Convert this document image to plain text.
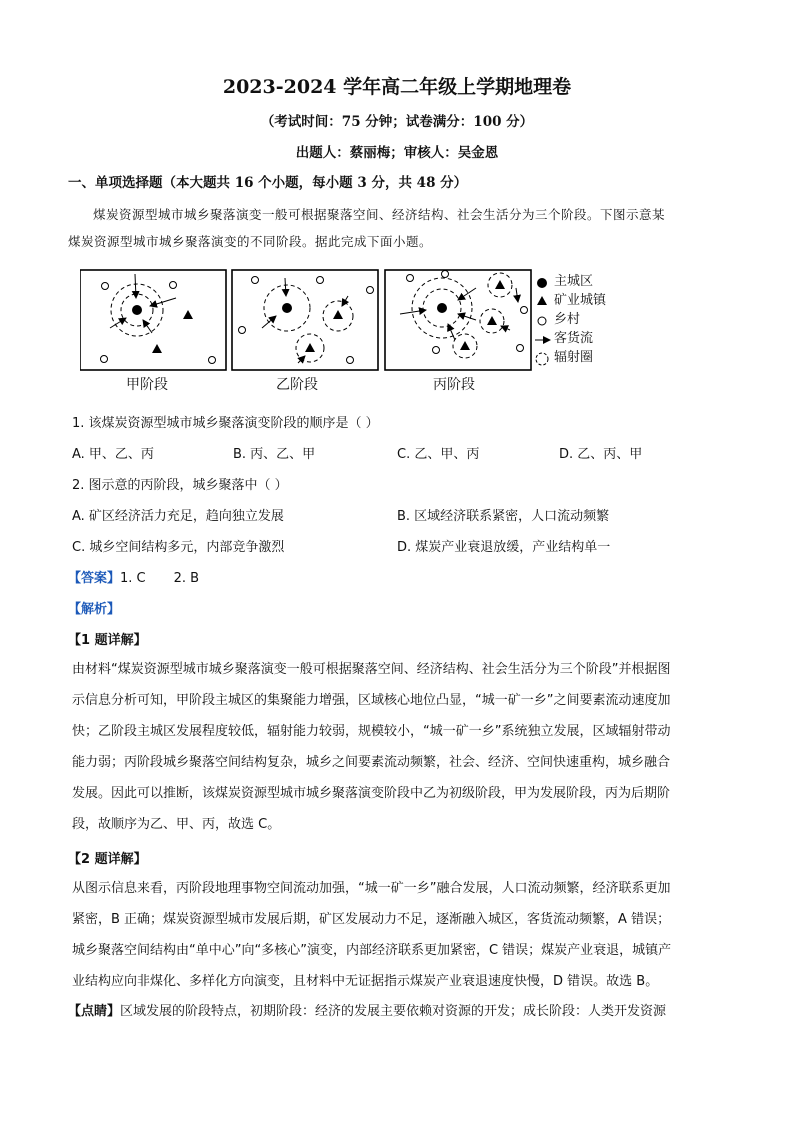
2023-2024 学年高二年级上学期地理卷
（考试时间：75 分钟；试卷满分：100 分）
出题人：蔡丽梅；审核人：吴金恩
一、单项选择题（本大题共 16 个小题，每小题 3 分，共 48 分）
煤炭资源型城市城乡聚落演变一般可根据聚落空间、经济结构、社会生活分为三个阶段。下图示意某
煤炭资源型城市城乡聚落演变的不同阶段。据此完成下面小题。
主城区
矿业城镇
乡村
客货流
辐射圈
甲阶段	乙阶段	丙阶段
1. 该煤炭资源型城市城乡聚落演变阶段的顺序是（ ）
A. 甲、乙、丙	B. 丙、乙、甲	C. 乙、甲、丙	D. 乙、丙、甲
2. 图示意的丙阶段，城乡聚落中（ ）
A. 矿区经济活力充足，趋向独立发展	B. 区域经济联系紧密，人口流动频繁
C. 城乡空间结构多元，内部竞争激烈	D. 煤炭产业衰退放缓，产业结构单一
【答案】1. C 2. B
【解析】
【1 题详解】
由材料“煤炭资源型城市城乡聚落演变一般可根据聚落空间、经济结构、社会生活分为三个阶段”并根据图
示信息分析可知，甲阶段主城区的集聚能力增强，区域核心地位凸显，“城一矿一乡”之间要素流动速度加
快；乙阶段主城区发展程度较低，辐射能力较弱，规模较小，“城一矿一乡”系统独立发展，区域辐射带动
能力弱；丙阶段城乡聚落空间结构复杂，城乡之间要素流动频繁，社会、经济、空间快速重构，城乡融合
发展。因此可以推断，该煤炭资源型城市城乡聚落演变阶段中乙为初级阶段，甲为发展阶段，丙为后期阶
段，故顺序为乙、甲、丙，故选 C。
【2 题详解】
从图示信息来看，丙阶段地理事物空间流动加强，“城一矿一乡”融合发展，人口流动频繁，经济联系更加
紧密，B 正确；煤炭资源型城市发展后期，矿区发展动力不足，逐渐融入城区，客货流动频繁，A 错误；
城乡聚落空间结构由“单中心”向“多核心”演变，内部经济联系更加紧密，C 错误；煤炭产业衰退，城镇产
业结构应向非煤化、多样化方向演变，且材料中无证据指示煤炭产业衰退速度快慢，D 错误。故选 B。
【点睛】区域发展的阶段特点，初期阶段：经济的发展主要依赖对资源的开发；成长阶段：人类开发资源
